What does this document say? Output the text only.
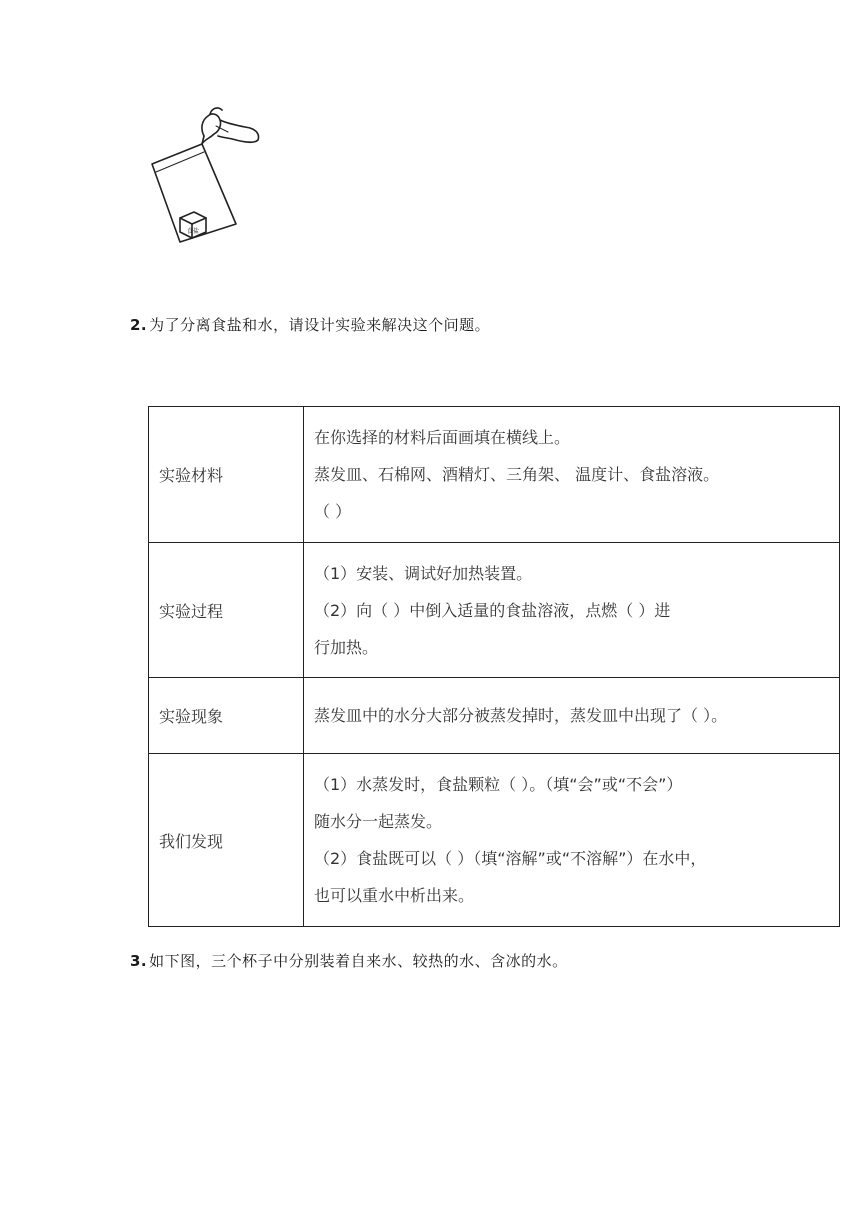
食盐
2. 为了分离食盐和水，请设计实验来解决这个问题。
实验材料	在你选择的材料后面画填在横线上。
蒸发皿、石棉网、酒精灯、三角架、 温度计、食盐溶液。
（ ）

实验过程	（1）安装、调试好加热装置。
（2）向（ ）中倒入适量的食盐溶液，点燃（ ）进
行加热。

实验现象	蒸发皿中的水分大部分被蒸发掉时，蒸发皿中出现了（ ）。

我们发现	（1）水蒸发时，食盐颗粒（ ）。（填“会”或“不会”）
随水分一起蒸发。
（2）食盐既可以（ ）（填“溶解”或“不溶解”）在水中，
也可以重水中析出来。
3. 如下图，三个杯子中分别装着自来水、较热的水、含冰的水。
